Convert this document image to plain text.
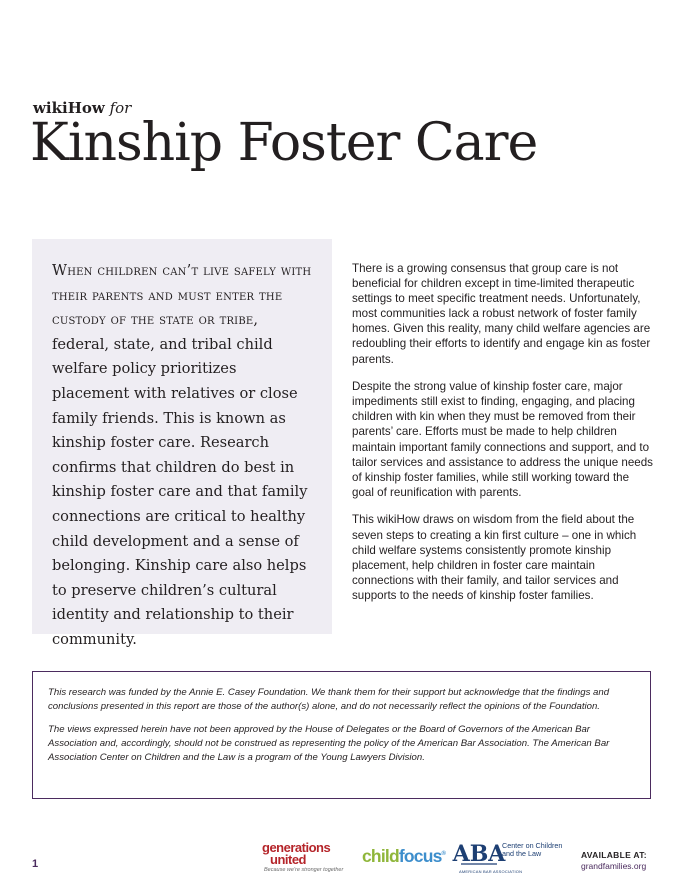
wikiHow for
Kinship Foster Care
When children can’t live safely with their parents and must enter the custody of the state or tribe, federal, state, and tribal child welfare policy prioritizes placement with relatives or close family friends. This is known as kinship foster care. Research confirms that children do best in kinship foster care and that family connections are critical to healthy child development and a sense of belonging. Kinship care also helps to preserve children’s cultural identity and relationship to their community.

There is a growing consensus that group care is not beneficial for children except in time-limited therapeutic settings to meet specific treatment needs. Unfortunately, most communities lack a robust network of foster family homes. Given this reality, many child welfare agencies are redoubling their efforts to identify and engage kin as foster parents.

Despite the strong value of kinship foster care, major impediments still exist to finding, engaging, and placing children with kin when they must be removed from their parents’ care. Efforts must be made to help children maintain important family connections and support, and to tailor services and assistance to address the unique needs of kinship foster families, while still working toward the goal of reunification with parents.

This wikiHow draws on wisdom from the field about the seven steps to creating a kin first culture – one in which child welfare systems consistently promote kinship placement, help children in foster care maintain connections with their family, and tailor services and supports to the needs of kinship foster families.

This research was funded by the Annie E. Casey Foundation. We thank them for their support but acknowledge that the findings and conclusions presented in this report are those of the author(s) alone, and do not necessarily reflect the opinions of the Foundation.

The views expressed herein have not been approved by the House of Delegates or the Board of Governors of the American Bar Association and, accordingly, should not be construed as representing the policy of the American Bar Association. The American Bar Association Center on Children and the Law is a program of the Young Lawyers Division.

1
generations
united
Because we're stronger together
childfocus® ABA
Center on Children and the Law
AMERICAN BAR ASSOCIATION
AVAILABLE AT:
grandfamilies.org
